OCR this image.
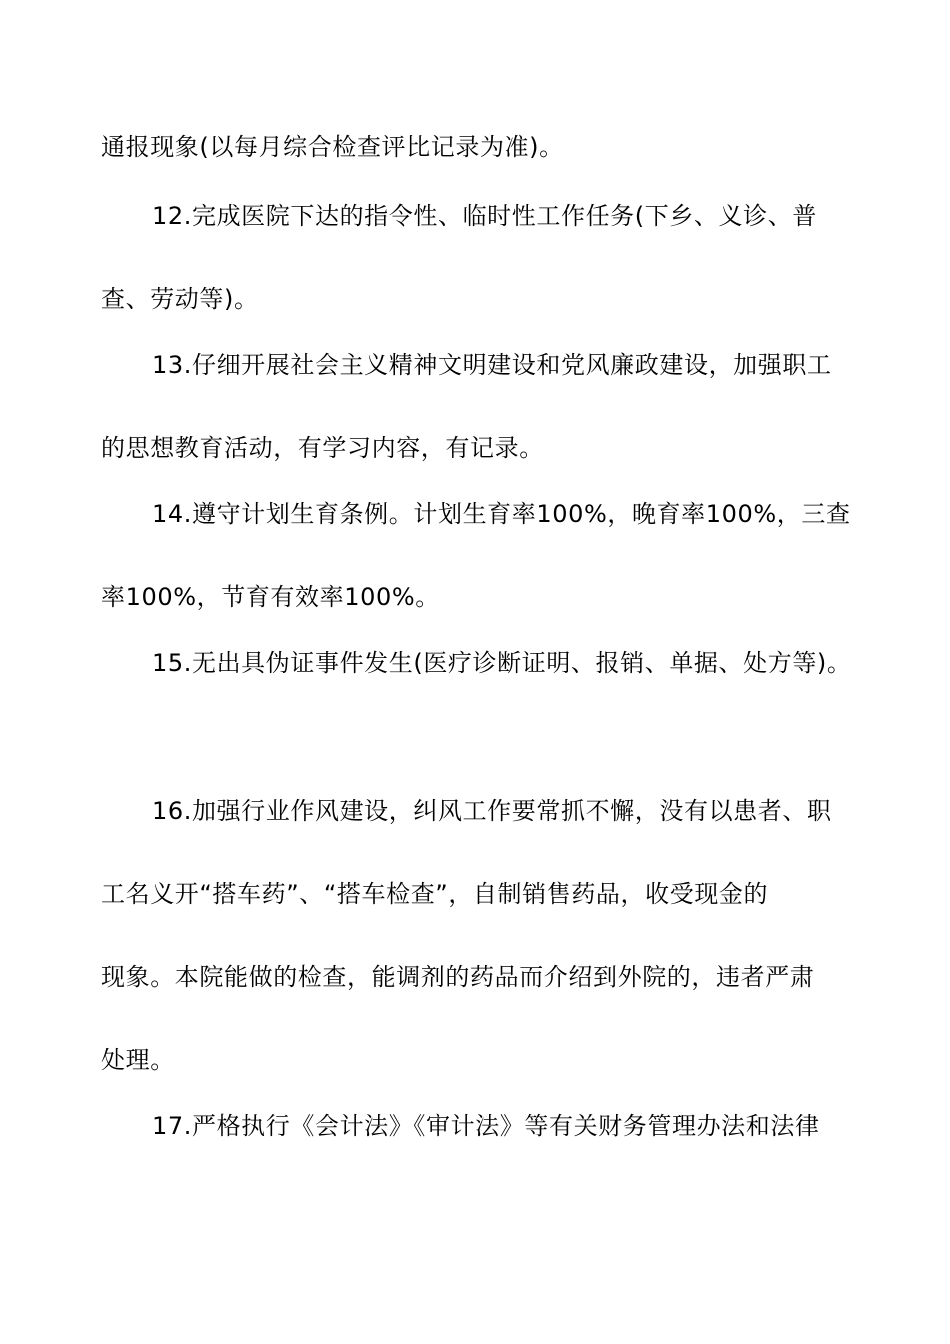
通报现象(以每月综合检查评比记录为准)。
12.完成医院下达的指令性、临时性工作任务(下乡、义诊、普
查、劳动等)。
13.仔细开展社会主义精神文明建设和党风廉政建设，加强职工
的思想教育活动，有学习内容，有记录。
14.遵守计划生育条例。计划生育率100%，晚育率100%，三查
率100%，节育有效率100%。
15.无出具伪证事件发生(医疗诊断证明、报销、单据、处方等)。
16.加强行业作风建设，纠风工作要常抓不懈，没有以患者、职
工名义开“搭车药”、“搭车检查”，自制销售药品，收受现金的
现象。本院能做的检查，能调剂的药品而介绍到外院的，违者严肃
处理。
17.严格执行《会计法》《审计法》等有关财务管理办法和法律
